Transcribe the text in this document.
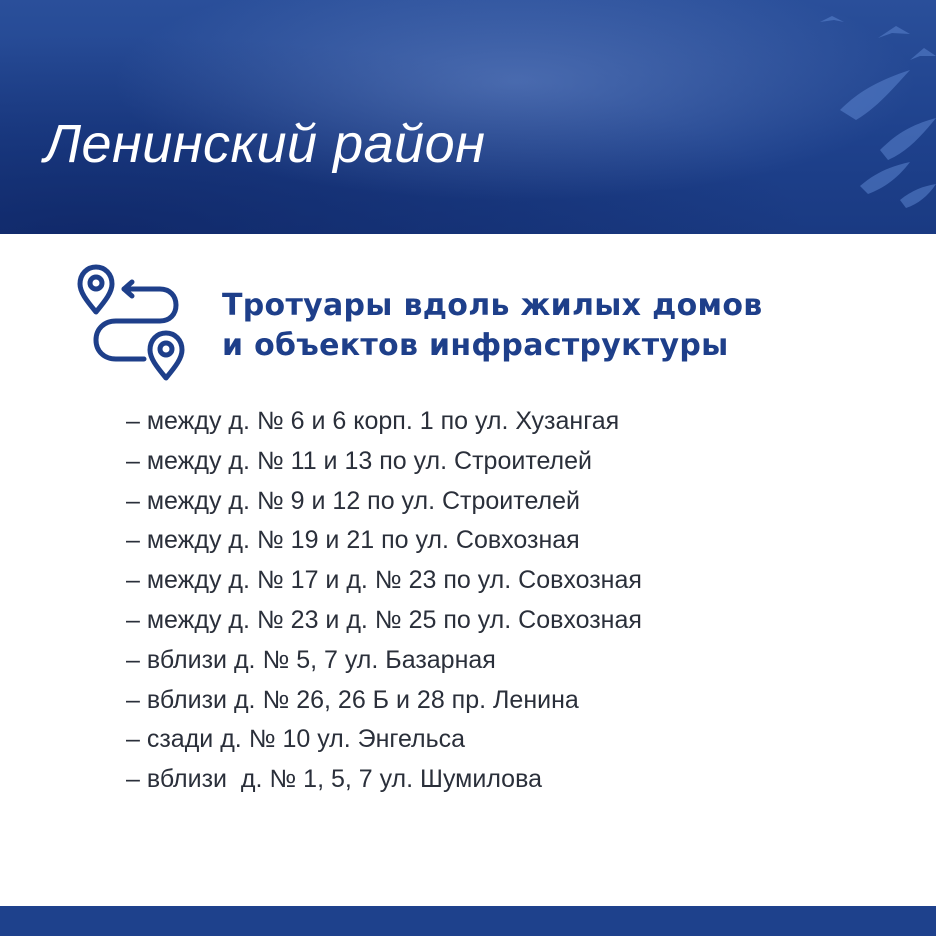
Ленинский район
Тротуары вдоль жилых домов
и объектов инфраструктуры
– между д. № 6 и 6 корп. 1 по ул. Хузангая
– между д. № 11 и 13 по ул. Строителей
– между д. № 9 и 12 по ул. Строителей
– между д. № 19 и 21 по ул. Совхозная
– между д. № 17 и д. № 23 по ул. Совхозная
– между д. № 23 и д. № 25 по ул. Совхозная
– вблизи д. № 5, 7 ул. Базарная
– вблизи д. № 26, 26 Б и 28 пр. Ленина
– сзади д. № 10 ул. Энгельса
– вблизи  д. № 1, 5, 7 ул. Шумилова
